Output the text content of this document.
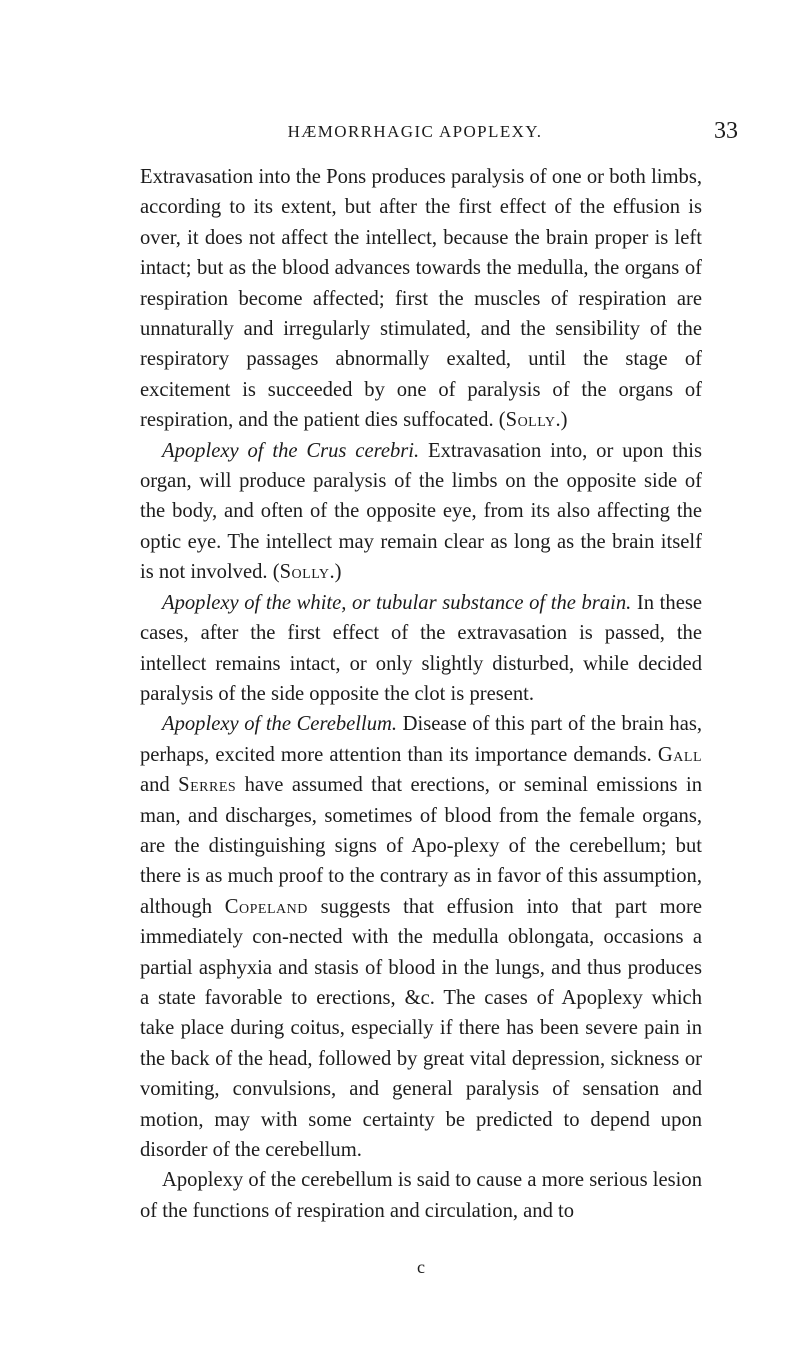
HÆMORRHAGIC APOPLEXY.	33

Extravasation into the Pons produces paralysis of one or both limbs, according to its extent, but after the first effect of the effusion is over, it does not affect the intellect, because the brain proper is left intact; but as the blood advances towards the medulla, the organs of respiration become affected; first the muscles of respiration are unnaturally and irregularly stimulated, and the sensibility of the respiratory passages abnormally exalted, until the stage of excitement is succeeded by one of paralysis of the organs of respiration, and the patient dies suffocated. (Solly.)

Apoplexy of the Crus cerebri. Extravasation into, or upon this organ, will produce paralysis of the limbs on the opposite side of the body, and often of the opposite eye, from its also affecting the optic eye. The intellect may remain clear as long as the brain itself is not involved. (Solly.)

Apoplexy of the white, or tubular substance of the brain. In these cases, after the first effect of the extravasation is passed, the intellect remains intact, or only slightly disturbed, while decided paralysis of the side opposite the clot is present.

Apoplexy of the Cerebellum. Disease of this part of the brain has, perhaps, excited more attention than its importance demands. Gall and Serres have assumed that erections, or seminal emissions in man, and discharges, sometimes of blood from the female organs, are the distinguishing signs of Apo-plexy of the cerebellum; but there is as much proof to the contrary as in favor of this assumption, although Copeland suggests that effusion into that part more immediately con-nected with the medulla oblongata, occasions a partial asphyxia and stasis of blood in the lungs, and thus produces a state favorable to erections, &c. The cases of Apoplexy which take place during coitus, especially if there has been severe pain in the back of the head, followed by great vital depression, sickness or vomiting, convulsions, and general paralysis of sensation and motion, may with some certainty be predicted to depend upon disorder of the cerebellum.

Apoplexy of the cerebellum is said to cause a more serious lesion of the functions of respiration and circulation, and to

c
